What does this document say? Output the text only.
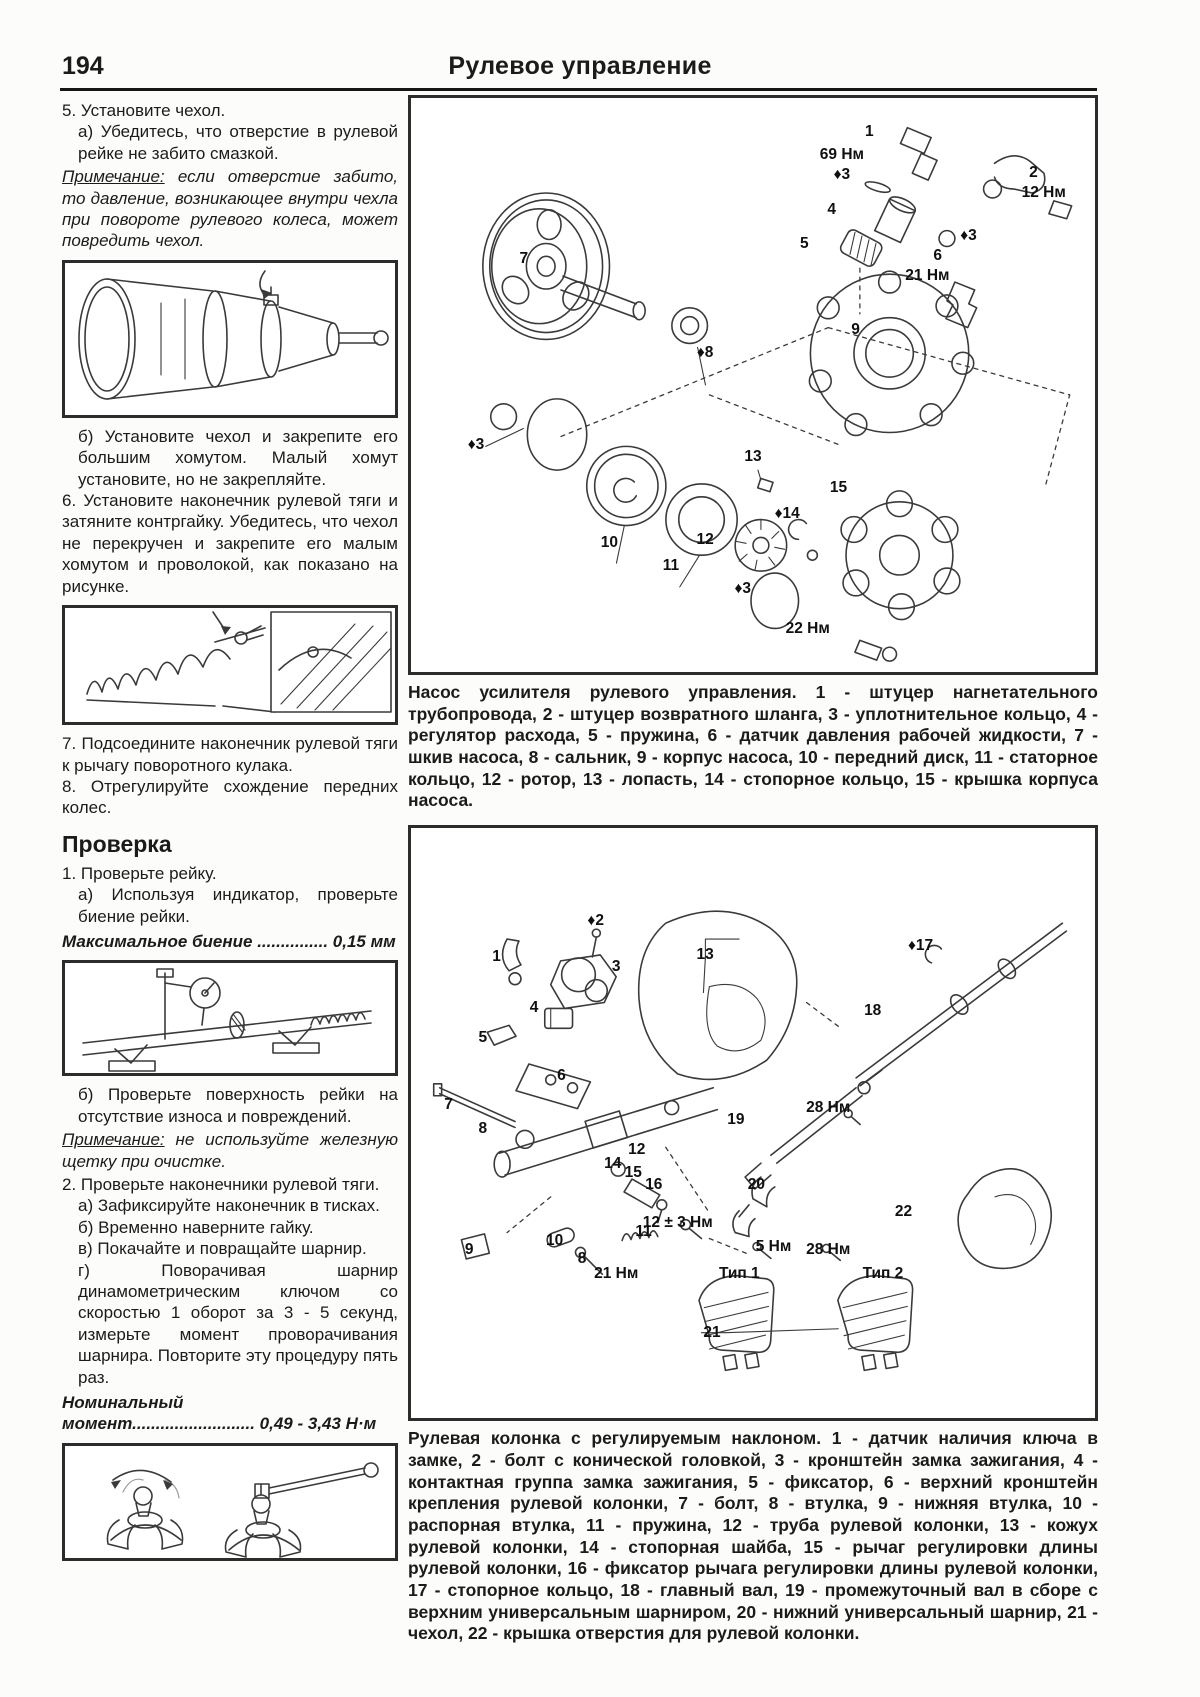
194	Рулевое управление

5. Установите чехол.

а) Убедитесь, что отверстие в рулевой рейке не забито смазкой.

Примечание: если отверстие забито, то давление, возникающее внутри чехла при повороте рулевого колеса, может повредить чехол.

б) Установите чехол и закрепите его большим хомутом. Малый хомут установите, но не закрепляйте.

6. Установите наконечник рулевой тяги и затяните контргайку. Убедитесь, что чехол не перекручен и закрепите его малым хомутом и проволокой, как показано на рисунке.

7. Подсоедините наконечник рулевой тяги к рычагу поворотного кулака.

8. Отрегулируйте схождение передних колес.

Проверка

1. Проверьте рейку.

а) Используя индикатор, проверьте биение рейки.

Максимальное биение ............... 0,15 мм

б) Проверьте поверхность рейки на отсутствие износа и повреждений.

Примечание: не используйте железную щетку при очистке.

2. Проверьте наконечники рулевой тяги.

а) Зафиксируйте наконечник в тисках.

б) Временно наверните гайку.

в) Покачайте и повращайте шарнир.

г) Поворачивая шарнир динамометрическим ключом со скоростью 1 оборот за 3 - 5 секунд, измерьте момент проворачивания шарнира. Повторите эту процедуру пять раз.

Номинальный

момент.......................... 0,49 - 3,43 Н·м

1
69 Нм
2
12 Нм
♦3
4
5
♦3
6
21 Нм
7
♦8
9
♦3
10
11
12
13
♦14
15
♦3
22 Нм

Насос усилителя рулевого управления. 1 - штуцер нагнетательного трубопровода, 2 - штуцер возвратного шланга, 3 - уплотнительное кольцо, 4 - регулятор расхода, 5 - пружина, 6 - датчик давления рабочей жидкости, 7 - шкив насоса, 8 - сальник, 9 - корпус насоса, 10 - передний диск, 11 - статорное кольцо, 12 - ротор, 13 - лопасть, 14 - стопорное кольцо, 15 - крышка корпуса насоса.

1
♦2
3
4
5
6
7
8
9
10
8
11
12
13
14
15
16
♦17
18
19
28 Нм
20
12 ± 3 Нм
5 Нм 28 Нм
21 Нм	Тип 1	Тип 2
21
22

Рулевая колонка с регулируемым наклоном. 1 - датчик наличия ключа в замке, 2 - болт с конической головкой, 3 - кронштейн замка зажигания, 4 - контактная группа замка зажигания, 5 - фиксатор, 6 - верхний кронштейн крепления рулевой колонки, 7 - болт, 8 - втулка, 9 - нижняя втулка, 10 - распорная втулка, 11 - пружина, 12 - труба рулевой колонки, 13 - кожух рулевой колонки, 14 - стопорная шайба, 15 - рычаг регулировки длины рулевой колонки, 16 - фиксатор рычага регулировки длины рулевой колонки, 17 - стопорное кольцо, 18 - главный вал, 19 - промежуточный вал в сборе с верхним универсальным шарниром, 20 - нижний универсальный шарнир, 21 - чехол, 22 - крышка отверстия для рулевой колонки.
